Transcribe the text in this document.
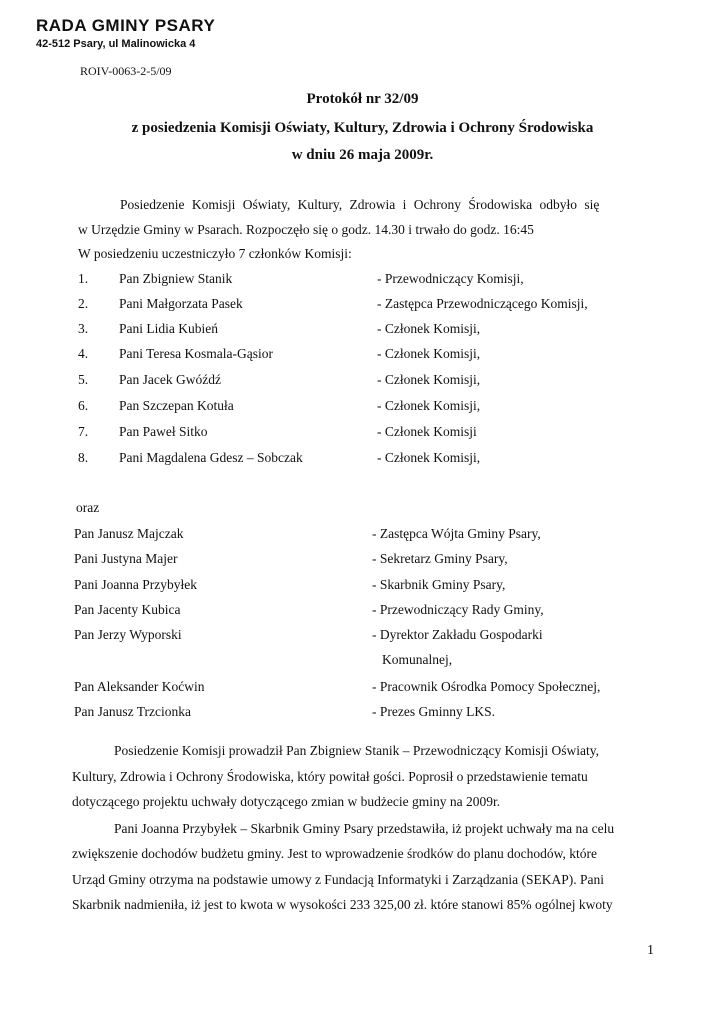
RADA GMINY PSARY
42-512 Psary, ul Malinowicka 4
ROIV-0063-2-5/09
Protokół nr 32/09
z posiedzenia Komisji Oświaty, Kultury, Zdrowia i Ochrony Środowiska
w dniu 26 maja 2009r.
Posiedzenie Komisji Oświaty, Kultury, Zdrowia i Ochrony Środowiska odbyło się
w Urzędzie Gminy w Psarach. Rozpoczęło się o godz. 14.30 i trwało do godz. 16:45
W posiedzeniu uczestniczyło 7 członków Komisji:
1. Pan Zbigniew Stanik	- Przewodniczący Komisji,
2. Pani Małgorzata Pasek	- Zastępca Przewodniczącego Komisji,
3. Pani Lidia Kubień	- Członek Komisji,
4. Pani Teresa Kosmala-Gąsior	- Członek Komisji,
5. Pan Jacek Gwóźdź	- Członek Komisji,
6. Pan Szczepan Kotuła	- Członek Komisji,
7. Pan Paweł Sitko	- Członek Komisji
8. Pani Magdalena Gdesz – Sobczak	- Członek Komisji,
oraz
Pan Janusz Majczak	- Zastępca Wójta Gminy Psary,
Pani Justyna Majer	- Sekretarz Gminy Psary,
Pani Joanna Przybyłek	- Skarbnik Gminy Psary,
Pan Jacenty Kubica	- Przewodniczący Rady Gminy,
Pan Jerzy Wyporski	- Dyrektor Zakładu Gospodarki
Komunalnej,
Pan Aleksander Koćwin	- Pracownik Ośrodka Pomocy Społecznej,
Pan Janusz Trzcionka	- Prezes Gminny LKS.
Posiedzenie Komisji prowadził Pan Zbigniew Stanik – Przewodniczący Komisji Oświaty,
Kultury, Zdrowia i Ochrony Środowiska, który powitał gości. Poprosił o przedstawienie tematu
dotyczącego projektu uchwały dotyczącego zmian w budżecie gminy na 2009r.
Pani Joanna Przybyłek – Skarbnik Gminy Psary przedstawiła, iż projekt uchwały ma na celu
zwiększenie dochodów budżetu gminy. Jest to wprowadzenie środków do planu dochodów, które
Urząd Gminy otrzyma na podstawie umowy z Fundacją Informatyki i Zarządzania (SEKAP). Pani
Skarbnik nadmieniła, iż jest to kwota w wysokości 233 325,00 zł. które stanowi 85% ogólnej kwoty
1
